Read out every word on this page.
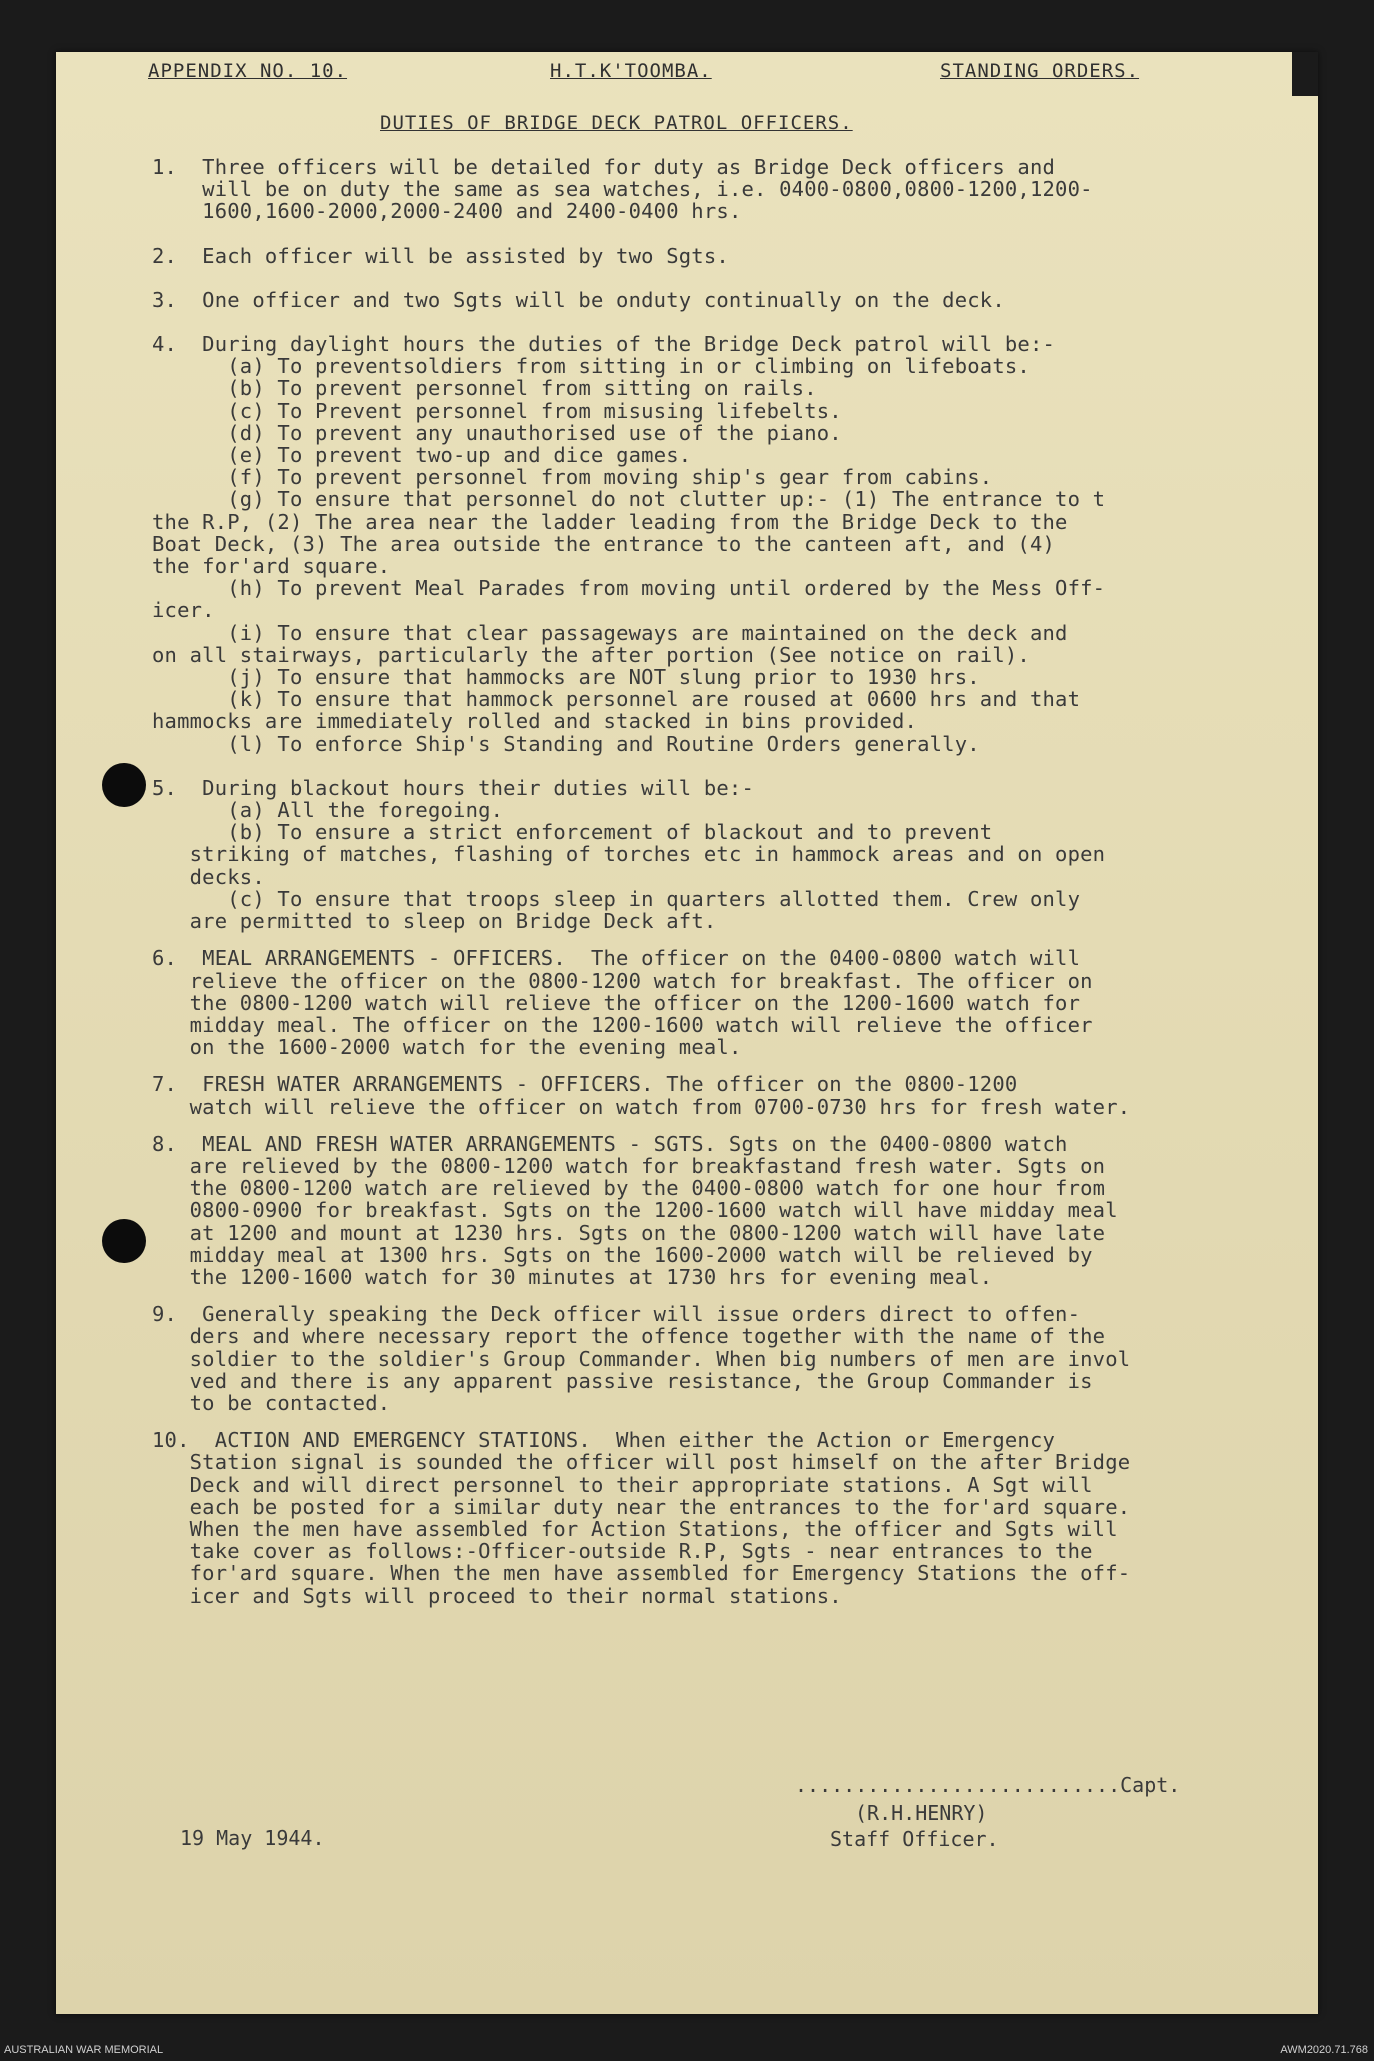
APPENDIX NO. 10.	H.T.K'TOOMBA.	STANDING ORDERS.
DUTIES OF BRIDGE DECK PATROL OFFICERS.

1.  Three officers will be detailed for duty as Bridge Deck officers and
will be on duty the same as sea watches, i.e. 0400-0800,0800-1200,1200-
1600,1600-2000,2000-2400 and 2400-0400 hrs.

2.  Each officer will be assisted by two Sgts.

3.  One officer and two Sgts will be onduty continually on the deck.

4.  During daylight hours the duties of the Bridge Deck patrol will be:-
(a) To preventsoldiers from sitting in or climbing on lifeboats.
(b) To prevent personnel from sitting on rails.
(c) To Prevent personnel from misusing lifebelts.
(d) To prevent any unauthorised use of the piano.
(e) To prevent two-up and dice games.
(f) To prevent personnel from moving ship's gear from cabins.
(g) To ensure that personnel do not clutter up:- (1) The entrance to t
the R.P, (2) The area near the ladder leading from the Bridge Deck to the
Boat Deck, (3) The area outside the entrance to the canteen aft, and (4)
the for'ard square.
(h) To prevent Meal Parades from moving until ordered by the Mess Off-
icer.
(i) To ensure that clear passageways are maintained on the deck and
on all stairways, particularly the after portion (See notice on rail).
(j) To ensure that hammocks are NOT slung prior to 1930 hrs.
(k) To ensure that hammock personnel are roused at 0600 hrs and that
hammocks are immediately rolled and stacked in bins provided.
(l) To enforce Ship's Standing and Routine Orders generally.

5.  During blackout hours their duties will be:-
(a) All the foregoing.
(b) To ensure a strict enforcement of blackout and to prevent
striking of matches, flashing of torches etc in hammock areas and on open
decks.
(c) To ensure that troops sleep in quarters allotted them. Crew only
are permitted to sleep on Bridge Deck aft.

6.  MEAL ARRANGEMENTS - OFFICERS.  The officer on the 0400-0800 watch will
relieve the officer on the 0800-1200 watch for breakfast. The officer on
the 0800-1200 watch will relieve the officer on the 1200-1600 watch for
midday meal. The officer on the 1200-1600 watch will relieve the officer
on the 1600-2000 watch for the evening meal.

7.  FRESH WATER ARRANGEMENTS - OFFICERS. The officer on the 0800-1200
watch will relieve the officer on watch from 0700-0730 hrs for fresh water.

8.  MEAL AND FRESH WATER ARRANGEMENTS - SGTS. Sgts on the 0400-0800 watch
are relieved by the 0800-1200 watch for breakfastand fresh water. Sgts on
the 0800-1200 watch are relieved by the 0400-0800 watch for one hour from
0800-0900 for breakfast. Sgts on the 1200-1600 watch will have midday meal
at 1200 and mount at 1230 hrs. Sgts on the 0800-1200 watch will have late
midday meal at 1300 hrs. Sgts on the 1600-2000 watch will be relieved by
the 1200-1600 watch for 30 minutes at 1730 hrs for evening meal.

9.  Generally speaking the Deck officer will issue orders direct to offen-
ders and where necessary report the offence together with the name of the
soldier to the soldier's Group Commander. When big numbers of men are invol
ved and there is any apparent passive resistance, the Group Commander is
to be contacted.

10.  ACTION AND EMERGENCY STATIONS.  When either the Action or Emergency
Station signal is sounded the officer will post himself on the after Bridge
Deck and will direct personnel to their appropriate stations. A Sgt will
each be posted for a similar duty near the entrances to the for'ard square.
When the men have assembled for Action Stations, the officer and Sgts will
take cover as follows:-Officer-outside R.P, Sgts - near entrances to the
for'ard square. When the men have assembled for Emergency Stations the off-
icer and Sgts will proceed to their normal stations.

...........................Capt.
(R.H.HENRY)
Staff Officer.
19 May 1944.
AUSTRALIAN WAR MEMORIAL	AWM2020.71.768
